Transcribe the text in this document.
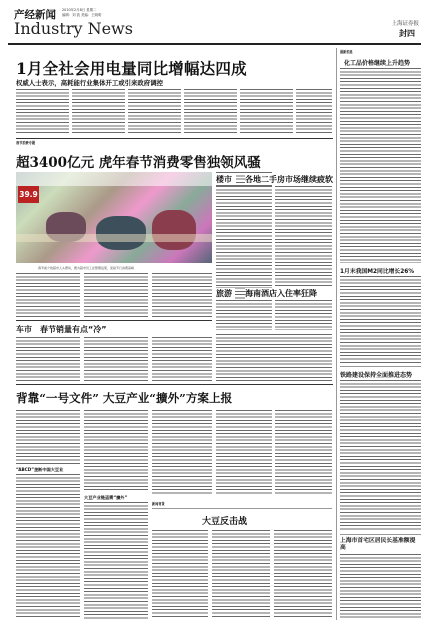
产经新闻 2010年2月8日 星期二
编辑：刘 凯 美编：王晓明
Industry News	上海证券报
封四
1月全社会用电量同比增幅达四成
权威人士表示，高耗能行业集体开工或引来政府调控
春节消费专题
超3400亿元 虎年春节消费零售独领风骚
39.9
春节前夕的超市人头攒动，图为超市员工在整理货架，迎接节日消费高峰
楼市	各地二手房市场继续疲软
旅游	海南酒店入住率狂降
车市 春节销量有点“冷”
背靠“一号文件” 大豆产业“擴外”方案上报
“ABCD”垄断中国大豆业
大豆产业链亟需“擴外”
新闻背景
大豆反击战
最新消息
化工品价格继续上升趋势
1月末我国M2同比增长26%
铁路建设保持全面推进态势
上海市首宅区居民长基准额提高
